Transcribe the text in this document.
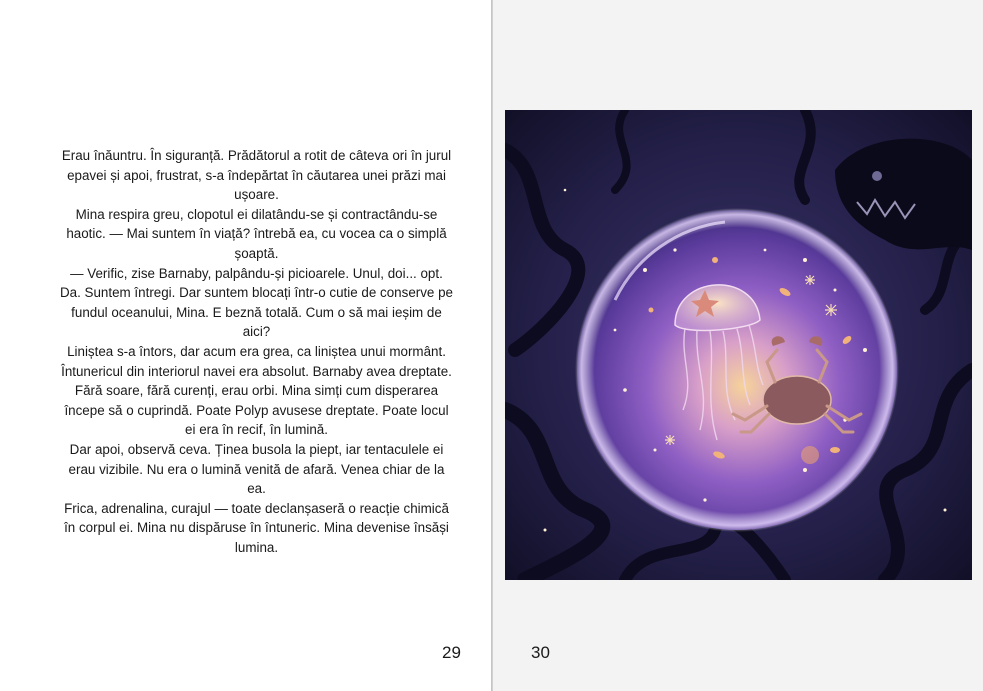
Erau înăuntru. În siguranță. Prădătorul a rotit de câteva ori în jurul epavei și apoi, frustrat, s-a îndepărtat în căutarea unei prăzi mai ușoare.

Mina respira greu, clopotul ei dilatându-se și contractându-se haotic. — Mai suntem în viață? întrebă ea, cu vocea ca o simplă șoaptă.

— Verific, zise Barnaby, palpându-și picioarele. Unul, doi... opt. Da. Suntem întregi. Dar suntem blocați într-o cutie de conserve pe fundul oceanului, Mina. E beznă totală. Cum o să mai ieșim de aici?

Liniștea s-a întors, dar acum era grea, ca liniștea unui mormânt. Întunericul din interiorul navei era absolut. Barnaby avea dreptate. Fără soare, fără curenți, erau orbi. Mina simți cum disperarea începe să o cuprindă. Poate Polyp avusese dreptate. Poate locul ei era în recif, în lumină.

Dar apoi, observă ceva. Ținea busola la piept, iar tentaculele ei erau vizibile. Nu era o lumină venită de afară. Venea chiar de la ea.

Frica, adrenalina, curajul — toate declanșaseră o reacție chimică în corpul ei. Mina nu dispăruse în întuneric. Mina devenise însăși lumina.

29	30
